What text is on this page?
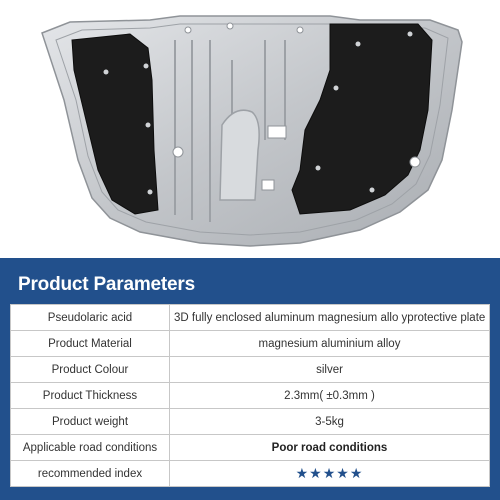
Product Parameters
Pseudolaric acid	3D fully enclosed aluminum magnesium allo yprotective plate
Product Material	magnesium aluminium alloy
Product Colour	silver
Product Thickness	2.3mm( ±0.3mm )
Product weight	3-5kg
Applicable road conditions	Poor road conditions
recommended index	★★★★★
